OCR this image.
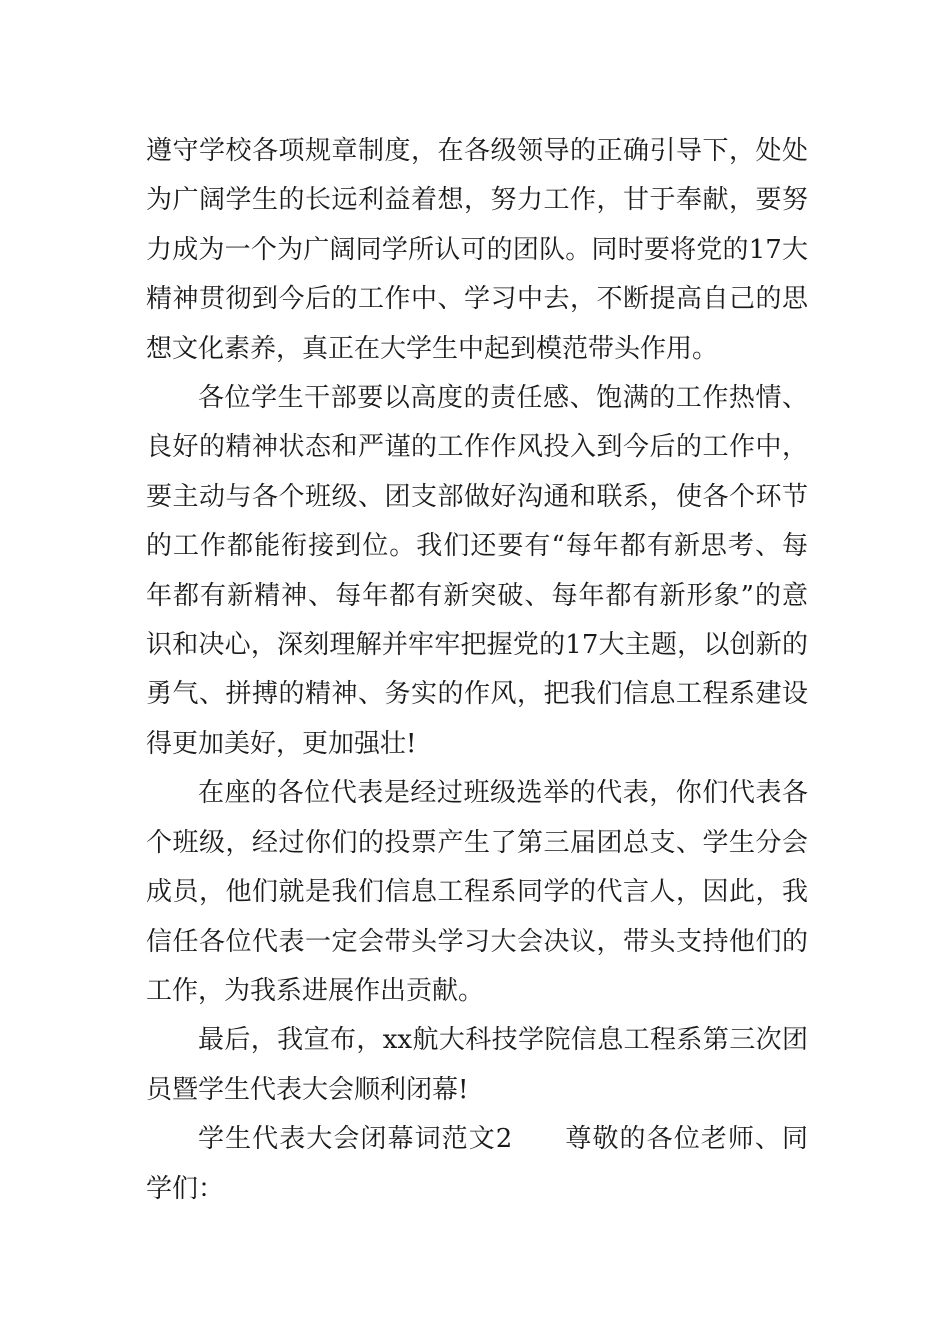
遵守学校各项规章制度，在各级领导的正确引导下，处处为广阔学生的长远利益着想，努力工作，甘于奉献，要努力成为一个为广阔同学所认可的团队。同时要将党的17大精神贯彻到今后的工作中、学习中去，不断提高自己的思想文化素养，真正在大学生中起到模范带头作用。

各位学生干部要以高度的责任感、饱满的工作热情、良好的精神状态和严谨的工作作风投入到今后的工作中，要主动与各个班级、团支部做好沟通和联系，使各个环节的工作都能衔接到位。我们还要有“每年都有新思考、每年都有新精神、每年都有新突破、每年都有新形象”的意识和决心，深刻理解并牢牢把握党的17大主题，以创新的勇气、拼搏的精神、务实的作风，把我们信息工程系建设得更加美好，更加强壮!

在座的各位代表是经过班级选举的代表，你们代表各个班级，经过你们的投票产生了第三届团总支、学生分会成员，他们就是我们信息工程系同学的代言人，因此，我信任各位代表一定会带头学习大会决议，带头支持他们的工作，为我系进展作出贡献。

最后，我宣布，xx航大科技学院信息工程系第三次团员暨学生代表大会顺利闭幕!

学生代表大会闭幕词范文2 尊敬的各位老师、同学们：
